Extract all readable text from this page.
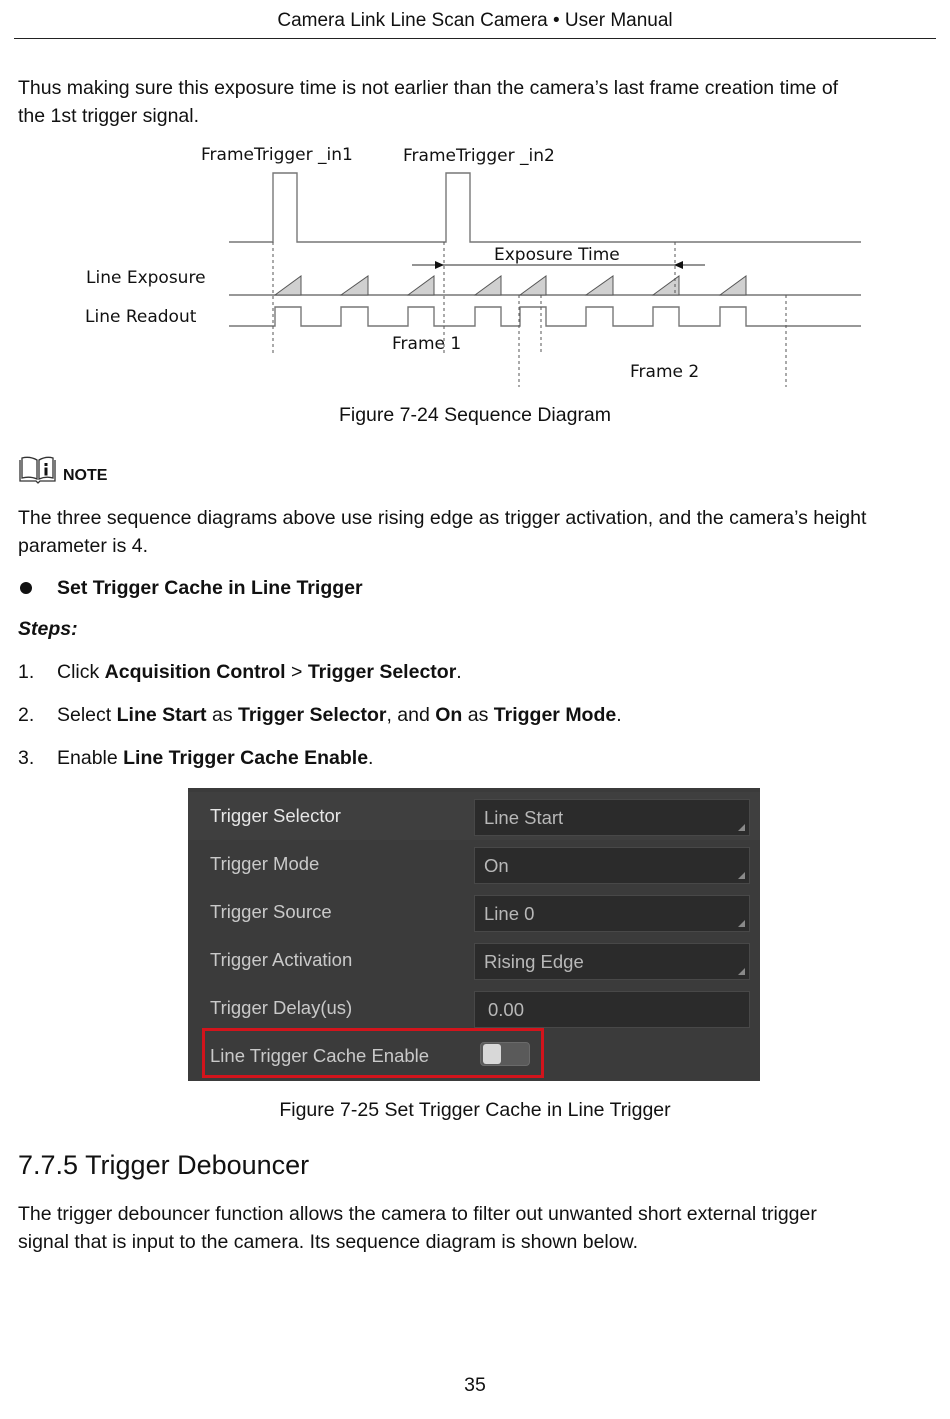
Camera Link Line Scan Camera • User Manual
Thus making sure this exposure time is not earlier than the camera’s last frame creation time of
the 1st trigger signal.
FrameTrigger _in1	FrameTrigger _in2
Exposure Time
Line Exposure
Line Readout
Frame 1
Frame 2
Figure 7-24 Sequence Diagram
NOTE
The three sequence diagrams above use rising edge as trigger activation, and the camera’s height
parameter is 4.
Set Trigger Cache in Line Trigger
Steps:
1. Click Acquisition Control > Trigger Selector.
2. Select Line Start as Trigger Selector, and On as Trigger Mode.
3. Enable Line Trigger Cache Enable.
Trigger Selector	Line Start
Trigger Mode	On
Trigger Source	Line 0
Trigger Activation	Rising Edge
Trigger Delay(us)	0.00
Line Trigger Cache Enable
Figure 7-25 Set Trigger Cache in Line Trigger
7.7.5 Trigger Debouncer
The trigger debouncer function allows the camera to filter out unwanted short external trigger
signal that is input to the camera. Its sequence diagram is shown below.
35
